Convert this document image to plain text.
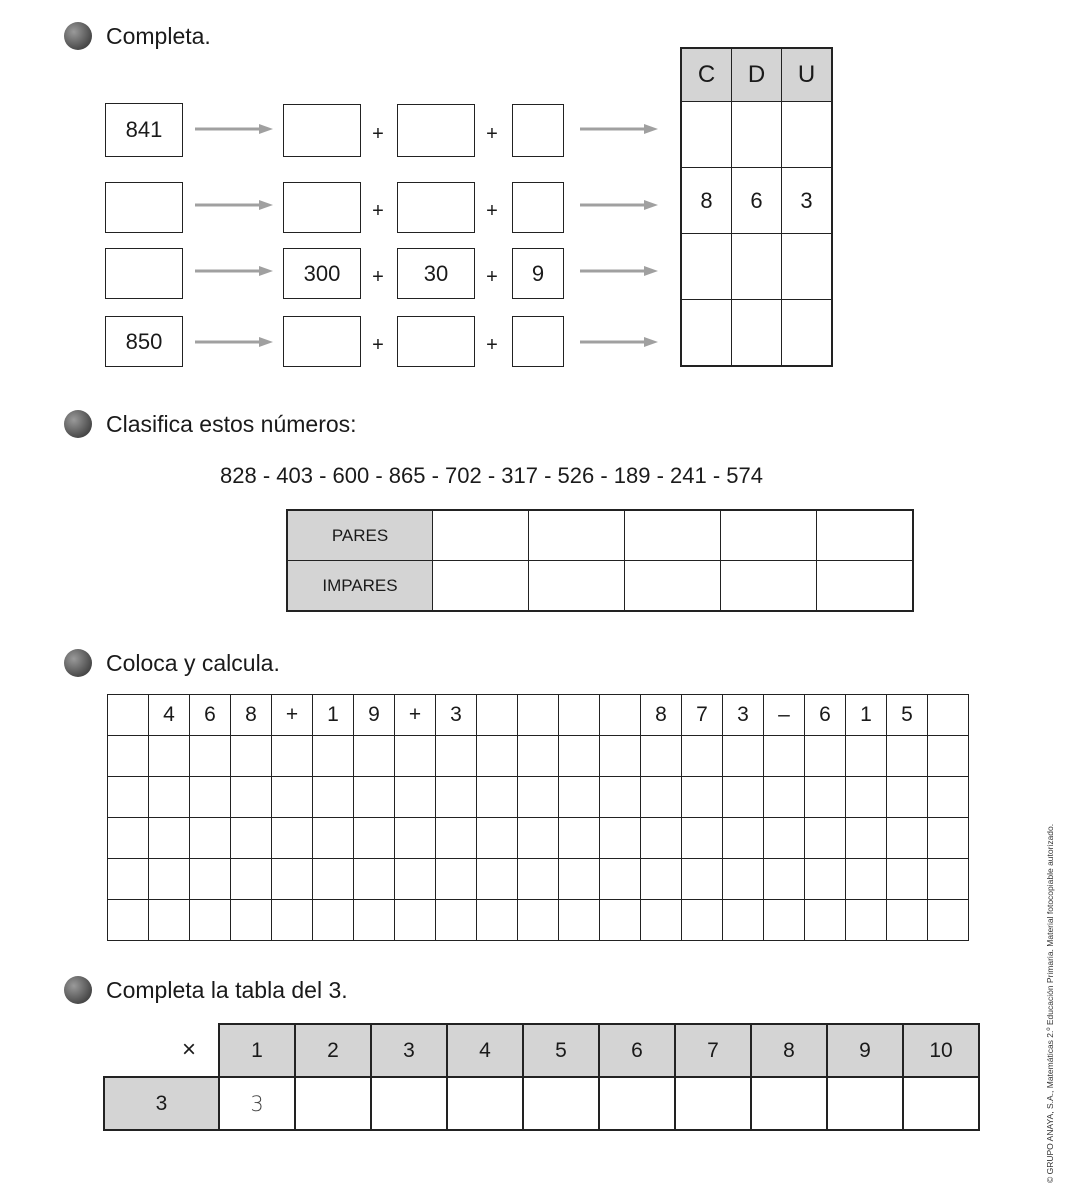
Completa.
841	+	+
+	+
300	+	30	+	9
850	+	+
C	D	U

8	6	3

Clasifica estos números:
828 - 403 - 600 - 865 - 702 - 317 - 526 - 189 - 241 - 574
PARES					
IMPARES					
Coloca y calcula.
	4	6	8	+	1	9	+	3					8	7	3	–	6	1	5	

Completa la tabla del 3.
×	1	2	3	4	5	6	7	8	9	10
3	3										© GRUPO ANAYA, S.A., Matemáticas 2.º Educación Primaria. Material fotocopiable autorizado.
